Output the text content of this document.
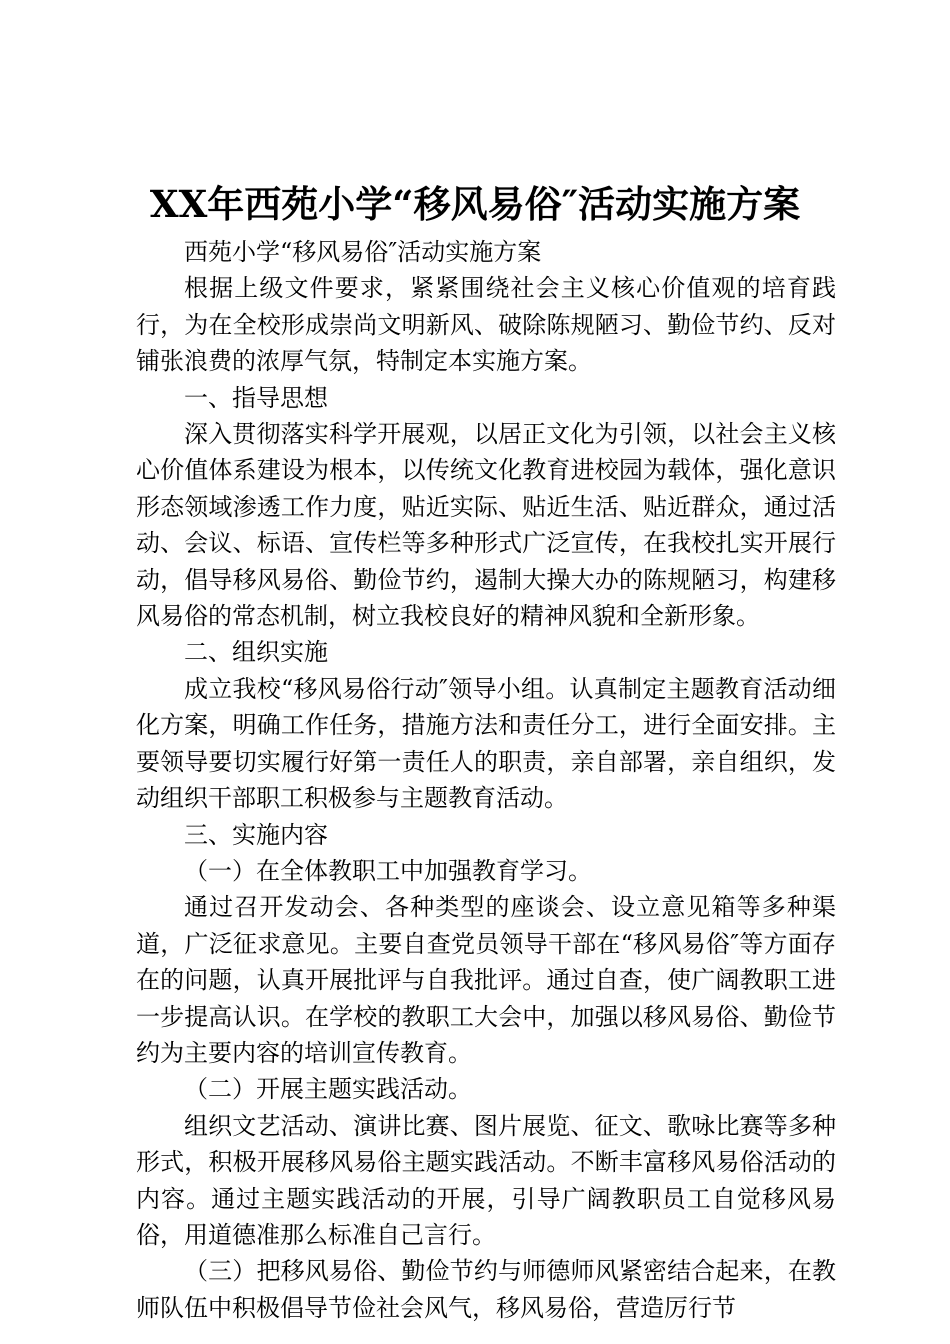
XX年西苑小学“移风易俗″活动实施方案

西苑小学“移风易俗″活动实施方案

根据上级文件要求，紧紧围绕社会主义核心价值观的培育践行，为在全校形成崇尚文明新风、破除陈规陋习、勤俭节约、反对铺张浪费的浓厚气氛，特制定本实施方案。

一、指导思想

深入贯彻落实科学开展观，以居正文化为引领，以社会主义核心价值体系建设为根本，以传统文化教育进校园为载体，强化意识形态领域渗透工作力度，贴近实际、贴近生活、贴近群众，通过活动、会议、标语、宣传栏等多种形式广泛宣传，在我校扎实开展行动，倡导移风易俗、勤俭节约，遏制大操大办的陈规陋习，构建移风易俗的常态机制，树立我校良好的精神风貌和全新形象。

二、组织实施

成立我校“移风易俗行动″领导小组。认真制定主题教育活动细化方案，明确工作任务，措施方法和责任分工，进行全面安排。主要领导要切实履行好第一责任人的职责，亲自部署，亲自组织，发动组织干部职工积极参与主题教育活动。

三、实施内容

（一）在全体教职工中加强教育学习。

通过召开发动会、各种类型的座谈会、设立意见箱等多种渠道，广泛征求意见。主要自查党员领导干部在“移风易俗″等方面存在的问题，认真开展批评与自我批评。通过自查，使广阔教职工进一步提高认识。在学校的教职工大会中，加强以移风易俗、勤俭节约为主要内容的培训宣传教育。

（二）开展主题实践活动。

组织文艺活动、演讲比赛、图片展览、征文、歌咏比赛等多种形式，积极开展移风易俗主题实践活动。不断丰富移风易俗活动的内容。通过主题实践活动的开展，引导广阔教职员工自觉移风易俗，用道德准那么标准自己言行。

（三）把移风易俗、勤俭节约与师德师风紧密结合起来，在教师队伍中积极倡导节俭社会风气，移风易俗，营造厉行节
